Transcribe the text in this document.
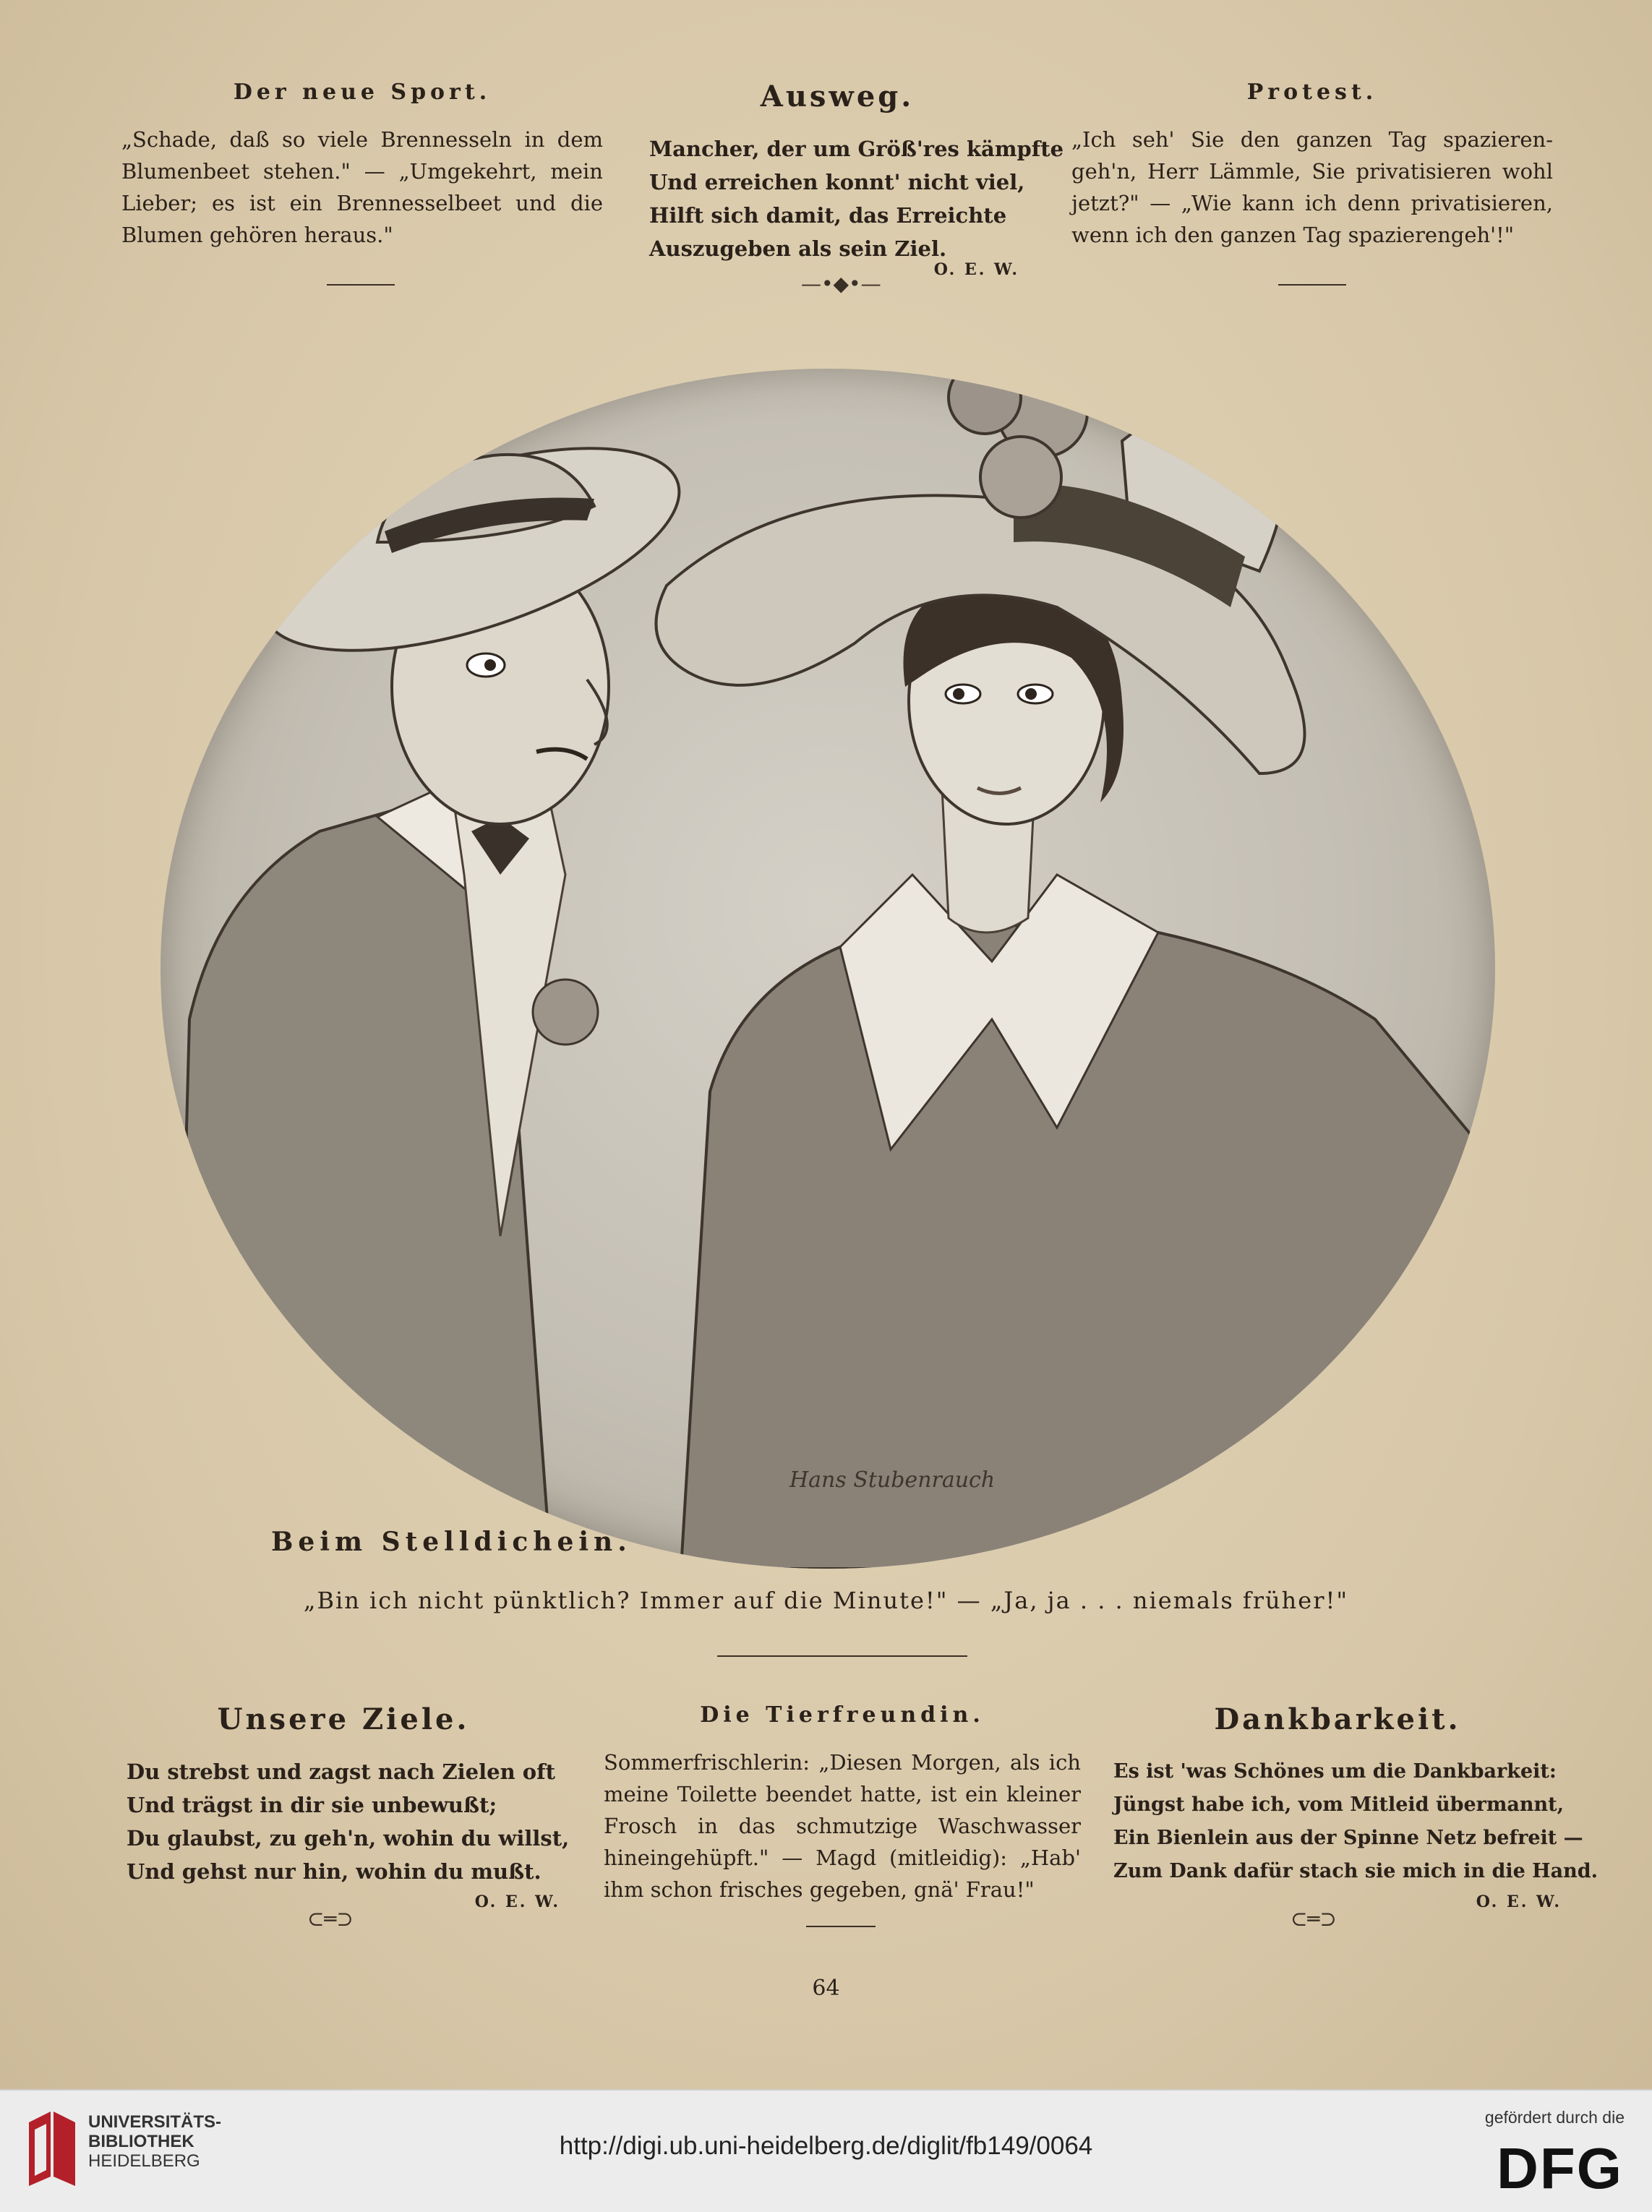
Der neue Sport.
„Schade, daß so viele Brennesseln in dem Blumenbeet stehen." — „Umgekehrt, mein Lieber; es ist ein Brennesselbeet und die Blumen gehören heraus."
Ausweg.
Mancher, der um Größ'res kämpfte
Und erreichen konnt' nicht viel,
Hilft sich damit, das Erreichte
Auszugeben als sein Ziel.
O. E. W.
—•◆•—
Protest.
„Ich seh' Sie den ganzen Tag spazieren-geh'n, Herr Lämmle, Sie privatisieren wohl jetzt?" — „Wie kann ich denn privatisieren, wenn ich den ganzen Tag spazierengeh'!"
Hans Stubenrauch
Beim Stelldichein.
„Bin ich nicht pünktlich? Immer auf die Minute!" — „Ja, ja . . . niemals früher!"
Unsere Ziele.
Du strebst und zagst nach Zielen oft
Und trägst in dir sie unbewußt;
Du glaubst, zu geh'n, wohin du willst,
Und gehst nur hin, wohin du mußt.
O. E. W.
⊂═⊃
Die Tierfreundin.
Sommerfrischlerin: „Diesen Morgen, als ich meine Toilette beendet hatte, ist ein kleiner Frosch in das schmutzige Waschwasser hineingehüpft." — Magd (mitleidig): „Hab' ihm schon frisches gegeben, gnä' Frau!"
Dankbarkeit.
Es ist 'was Schönes um die Dankbarkeit:
Jüngst habe ich, vom Mitleid übermannt,
Ein Bienlein aus der Spinne Netz befreit —
Zum Dank dafür stach sie mich in die Hand.
O. E. W.
⊂═⊃
64
UNIVERSITÄTS-
BIBLIOTHEK
HEIDELBERG
http://digi.ub.uni-heidelberg.de/diglit/fb149/0064
gefördert durch die
DFG
